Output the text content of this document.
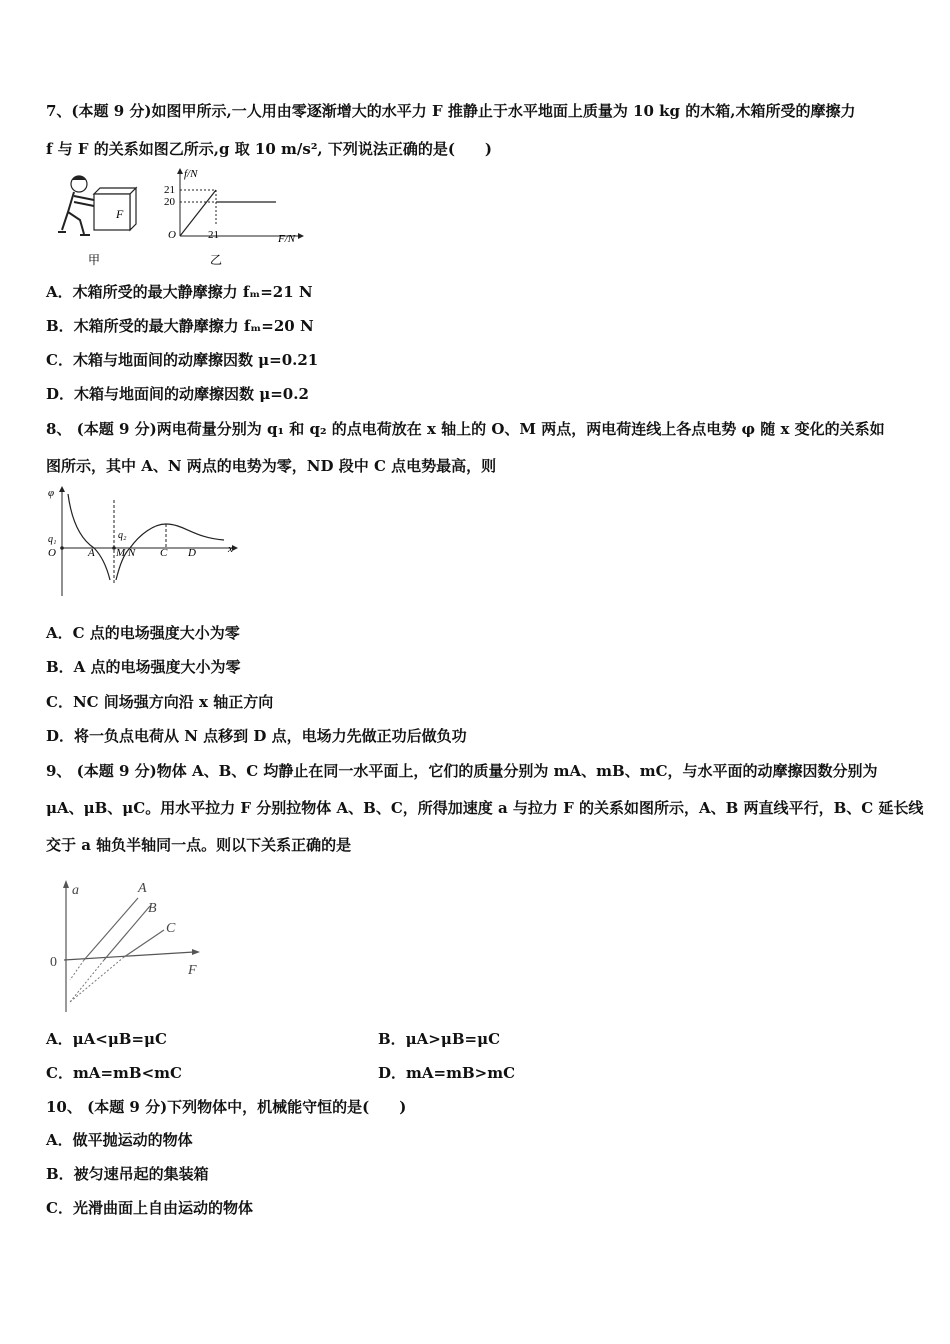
7、(本题 9 分)如图甲所示,一人用由零逐渐增大的水平力 F 推静止于水平地面上质量为 10 kg 的木箱,木箱所受的摩擦力
f 与 F 的关系如图乙所示,g 取 10 m/s², 下列说法正确的是(　　)
F
甲
f/N
F/N
21
20
O	21
乙
A．木箱所受的最大静摩擦力 fₘ=21 N
B．木箱所受的最大静摩擦力 fₘ=20 N
C．木箱与地面间的动摩擦因数 μ=0.21
D．木箱与地面间的动摩擦因数 μ=0.2
8、 (本题 9 分)两电荷量分别为 q₁ 和 q₂ 的点电荷放在 x 轴上的 O、M 两点，两电荷连线上各点电势 φ 随 x 变化的关系如
图所示，其中 A、N 两点的电势为零，ND 段中 C 点电势最高，则
φ
x
q₁
O	A
q₂
M N C D
A．C 点的电场强度大小为零
B．A 点的电场强度大小为零
C．NC 间场强方向沿 x 轴正方向
D．将一负点电荷从 N 点移到 D 点，电场力先做正功后做负功
9、 (本题 9 分)物体 A、B、C 均静止在同一水平面上，它们的质量分别为 mA、mB、mC，与水平面的动摩擦因数分别为
μA、μB、μC。用水平拉力 F 分别拉物体 A、B、C，所得加速度 a 与拉力 F 的关系如图所示，A、B 两直线平行，B、C 延长线
交于 a 轴负半轴同一点。则以下关系正确的是
a
F
0
A
B
C
A．μA<μB=μC	B．μA>μB=μC
C．mA=mB<mC	D．mA=mB>mC
10、 (本题 9 分)下列物体中，机械能守恒的是(　　)
A．做平抛运动的物体
B．被匀速吊起的集装箱
C．光滑曲面上自由运动的物体
